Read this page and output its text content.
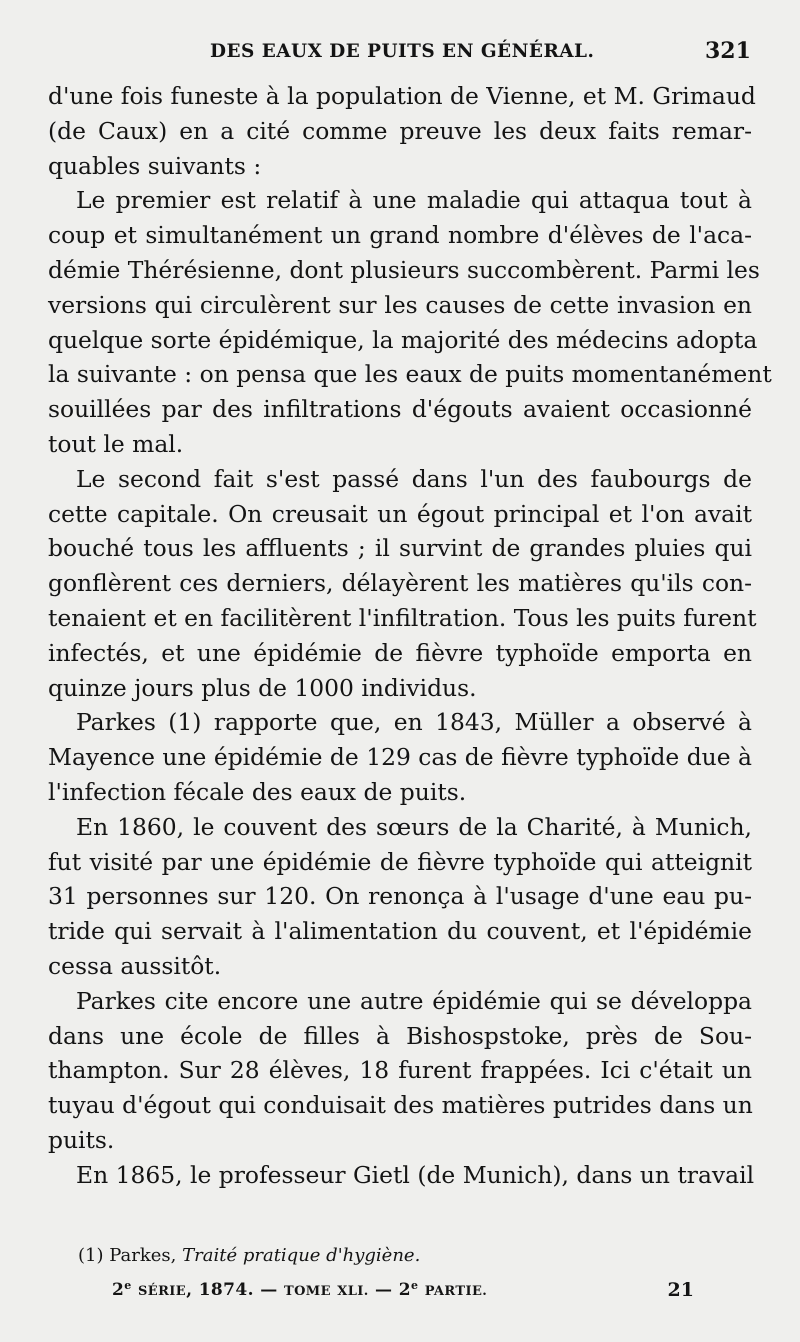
DES EAUX DE PUITS EN GÉNÉRAL.	321

d'une fois funeste à la population de Vienne, et M. Grimaud
(de Caux) en a cité comme preuve les deux faits remar-
quables suivants :

Le premier est relatif à une maladie qui attaqua tout à
coup et simultanément un grand nombre d'élèves de l'aca-
démie Thérésienne, dont plusieurs succombèrent. Parmi les
versions qui circulèrent sur les causes de cette invasion en
quelque sorte épidémique, la majorité des médecins adopta
la suivante : on pensa que les eaux de puits momentanément
souillées par des infiltrations d'égouts avaient occasionné
tout le mal.

Le second fait s'est passé dans l'un des faubourgs de
cette capitale. On creusait un égout principal et l'on avait
bouché tous les affluents ; il survint de grandes pluies qui
gonflèrent ces derniers, délayèrent les matières qu'ils con-
tenaient et en facilitèrent l'infiltration. Tous les puits furent
infectés, et une épidémie de fièvre typhoïde emporta en
quinze jours plus de 1000 individus.

Parkes (1) rapporte que, en 1843, Müller a observé à
Mayence une épidémie de 129 cas de fièvre typhoïde due à
l'infection fécale des eaux de puits.

En 1860, le couvent des sœurs de la Charité, à Munich,
fut visité par une épidémie de fièvre typhoïde qui atteignit
31 personnes sur 120. On renonça à l'usage d'une eau pu-
tride qui servait à l'alimentation du couvent, et l'épidémie
cessa aussitôt.

Parkes cite encore une autre épidémie qui se développa
dans une école de filles à Bishospstoke, près de Sou-
thampton. Sur 28 élèves, 18 furent frappées. Ici c'était un
tuyau d'égout qui conduisait des matières putrides dans un
puits.

En 1865, le professeur Gietl (de Munich), dans un travail

(1) Parkes, Traité pratique d'hygiène.
2e SÉRIE, 1874. — TOME XLI. — 2e PARTIE.	21
